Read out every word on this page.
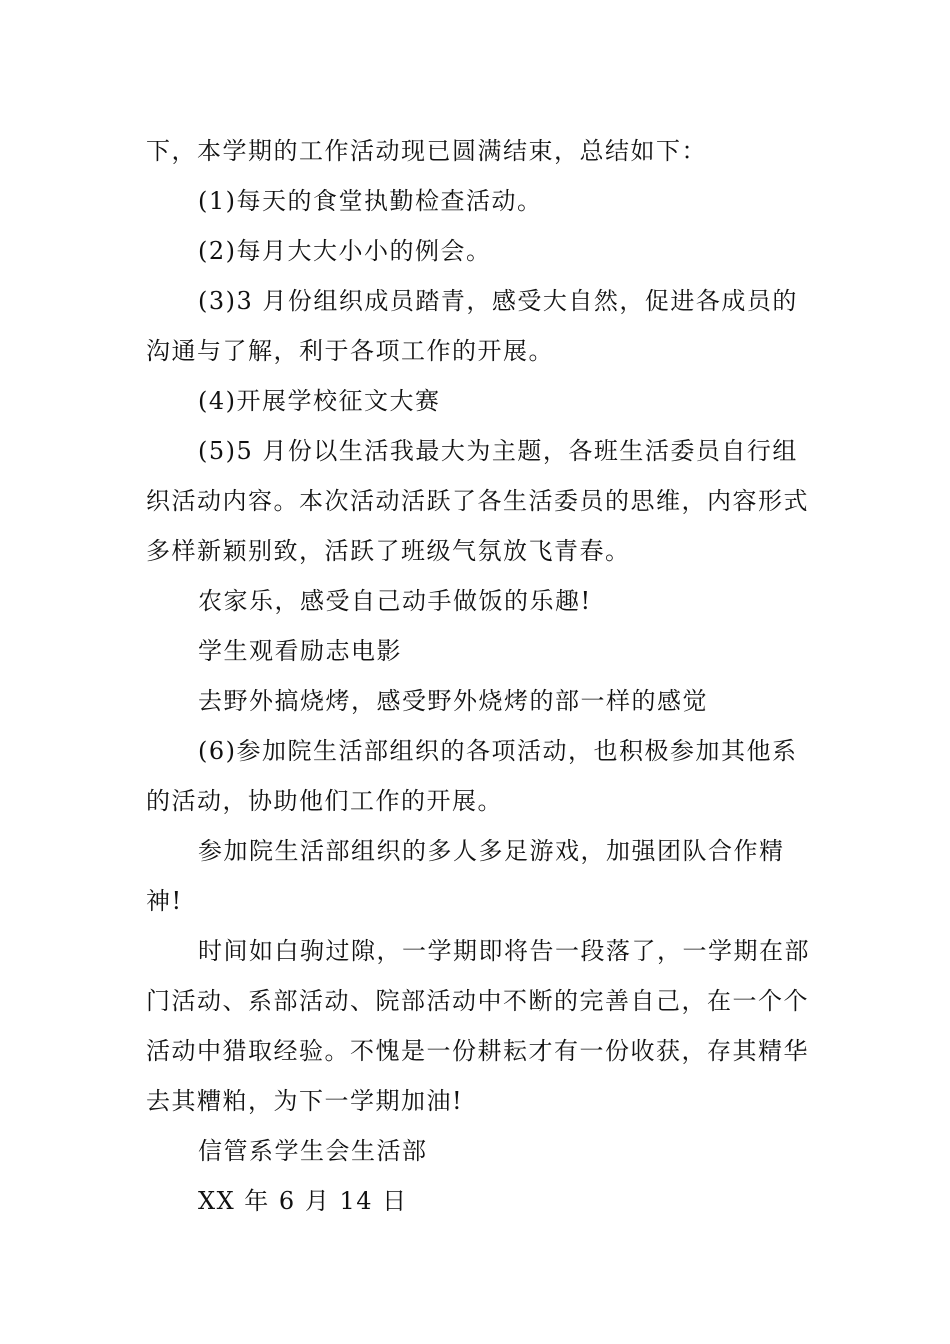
下，本学期的工作活动现已圆满结束，总结如下：

(1)每天的食堂执勤检查活动。

(2)每月大大小小的例会。

(3)3 月份组织成员踏青，感受大自然，促进各成员的沟通与了解，利于各项工作的开展。

(4)开展学校征文大赛

(5)5 月份以生活我最大为主题，各班生活委员自行组织活动内容。本次活动活跃了各生活委员的思维，内容形式多样新颖别致，活跃了班级气氛放飞青春。

农家乐，感受自己动手做饭的乐趣!

学生观看励志电影

去野外搞烧烤，感受野外烧烤的部一样的感觉

(6)参加院生活部组织的各项活动，也积极参加其他系的活动，协助他们工作的开展。

参加院生活部组织的多人多足游戏，加强团队合作精神!

时间如白驹过隙，一学期即将告一段落了，一学期在部门活动、系部活动、院部活动中不断的完善自己，在一个个活动中猎取经验。不愧是一份耕耘才有一份收获，存其精华去其糟粕，为下一学期加油!

信管系学生会生活部

XX 年 6 月 14 日
